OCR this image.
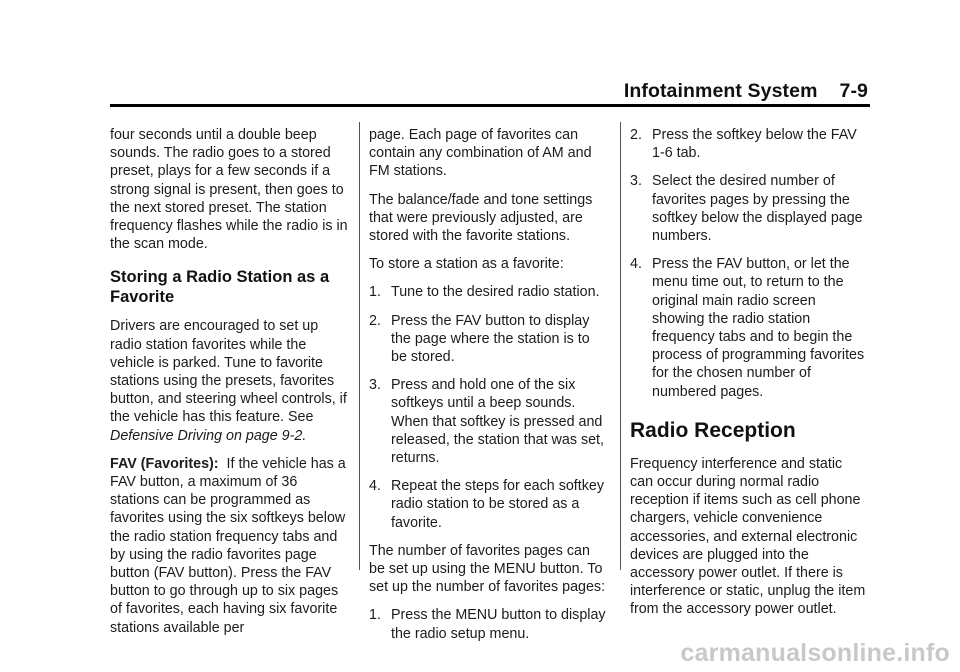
Infotainment System 7-9

four seconds until a double beep sounds. The radio goes to a stored preset, plays for a few seconds if a strong signal is present, then goes to the next stored preset. The station frequency flashes while the radio is in the scan mode.

Storing a Radio Station as a Favorite

Drivers are encouraged to set up radio station favorites while the vehicle is parked. Tune to favorite stations using the presets, favorites button, and steering wheel controls, if the vehicle has this feature. See Defensive Driving on page 9-2.

FAV (Favorites): If the vehicle has a FAV button, a maximum of 36 stations can be programmed as favorites using the six softkeys below the radio station frequency tabs and by using the radio favorites page button (FAV button). Press the FAV button to go through up to six pages of favorites, each having six favorite stations available per

page. Each page of favorites can contain any combination of AM and FM stations.

The balance/fade and tone settings that were previously adjusted, are stored with the favorite stations.

To store a station as a favorite:

1. Tune to the desired radio station.
2. Press the FAV button to display the page where the station is to be stored.
3. Press and hold one of the six softkeys until a beep sounds. When that softkey is pressed and released, the station that was set, returns.
4. Repeat the steps for each softkey radio station to be stored as a favorite.

The number of favorites pages can be set up using the MENU button. To set up the number of favorites pages:

1. Press the MENU button to display the radio setup menu.
2. Press the softkey below the FAV 1-6 tab.
3. Select the desired number of favorites pages by pressing the softkey below the displayed page numbers.
4. Press the FAV button, or let the menu time out, to return to the original main radio screen showing the radio station frequency tabs and to begin the process of programming favorites for the chosen number of numbered pages.
Radio Reception

Frequency interference and static can occur during normal radio reception if items such as cell phone chargers, vehicle convenience accessories, and external electronic devices are plugged into the accessory power outlet. If there is interference or static, unplug the item from the accessory power outlet.

carmanualsonline.info
